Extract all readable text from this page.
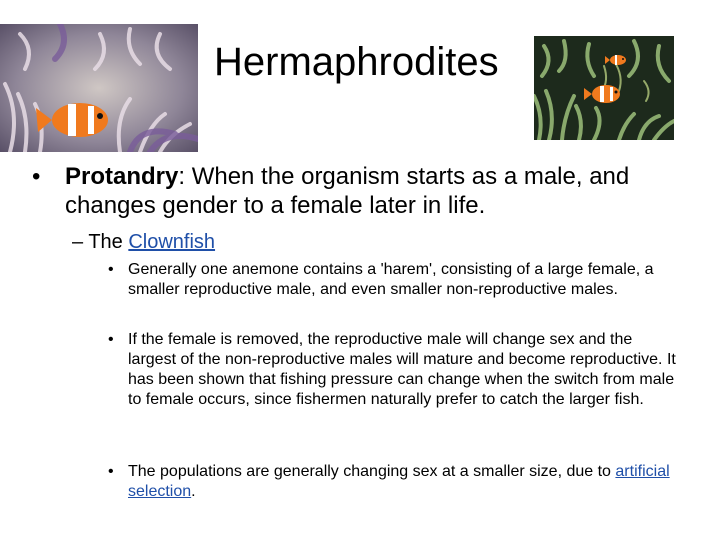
Hermaphrodites
• Protandry: When the organism starts as a male, and changes gender to a female later in life.
– The Clownfish
• Generally one anemone contains a 'harem', consisting of a large female, a smaller reproductive male, and even smaller non-reproductive males.
• If the female is removed, the reproductive male will change sex and the largest of the non-reproductive males will mature and become reproductive. It has been shown that fishing pressure can change when the switch from male to female occurs, since fishermen naturally prefer to catch the larger fish.
• The populations are generally changing sex at a smaller size, due to artificial selection.
